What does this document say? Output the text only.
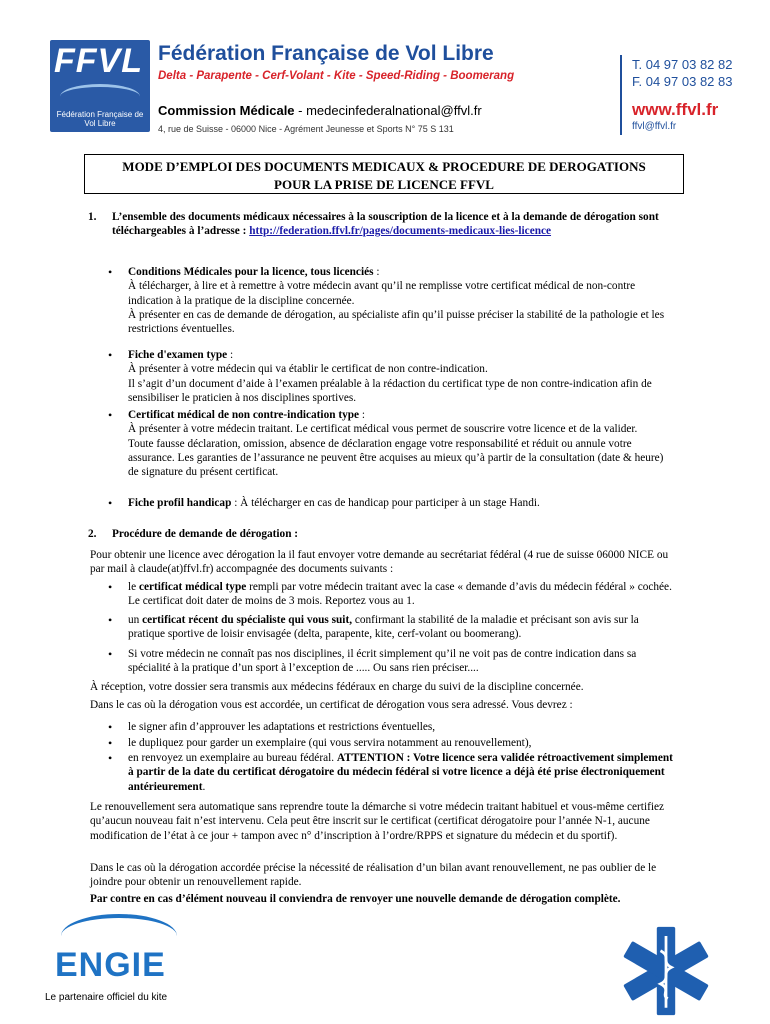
FFVL
Fédération Française de Vol Libre
Fédération Française de Vol Libre
Delta - Parapente - Cerf-Volant - Kite - Speed-Riding - Boomerang
Commission Médicale - medecinfederalnational@ffvl.fr
4, rue de Suisse - 06000 Nice - Agrément Jeunesse et Sports N° 75 S 131
T. 04 97 03 82 82
F. 04 97 03 82 83
www.ffvl.fr
ffvl@ffvl.fr
MODE D’EMPLOI DES DOCUMENTS MEDICAUX & PROCEDURE DE DEROGATIONS
POUR LA PRISE DE LICENCE FFVL
1. L’ensemble des documents médicaux nécessaires à la souscription de la licence et à la demande de dérogation sont téléchargeables à l’adresse : http://federation.ffvl.fr/pages/documents-medicaux-lies-licence
• Conditions Médicales pour la licence, tous licenciés :
À télécharger, à lire et à remettre à votre médecin avant qu’il ne remplisse votre certificat médical de non-contre indication à la pratique de la discipline concernée.
À présenter en cas de demande de dérogation, au spécialiste afin qu’il puisse préciser la stabilité de la pathologie et les restrictions éventuelles.
• Fiche d'examen type :
À présenter à votre médecin qui va établir le certificat de non contre-indication.
Il s’agit d’un document d’aide à l’examen préalable à la rédaction du certificat type de non contre-indication afin de sensibiliser le praticien à nos disciplines sportives.
• Certificat médical de non contre-indication type :
À présenter à votre médecin traitant. Le certificat médical vous permet de souscrire votre licence et de la valider.
Toute fausse déclaration, omission, absence de déclaration engage votre responsabilité et réduit ou annule votre assurance. Les garanties de l’assurance ne peuvent être acquises au mieux qu’à partir de la consultation (date & heure) de signature du présent certificat.
• Fiche profil handicap : À télécharger en cas de handicap pour participer à un stage Handi.
2. Procédure de demande de dérogation :
Pour obtenir une licence avec dérogation la il faut envoyer votre demande au secrétariat fédéral (4 rue de suisse 06000 NICE ou par mail à claude(at)ffvl.fr) accompagnée des documents suivants :
• le certificat médical type rempli par votre médecin traitant avec la case « demande d’avis du médecin fédéral » cochée. Le certificat doit dater de moins de 3 mois. Reportez vous au 1.
• un certificat récent du spécialiste qui vous suit, confirmant la stabilité de la maladie et précisant son avis sur la pratique sportive de loisir envisagée (delta, parapente, kite, cerf-volant ou boomerang).
• Si votre médecin ne connaît pas nos disciplines, il écrit simplement qu’il ne voit pas de contre indication dans sa spécialité à la pratique d’un sport à l’exception de ..... Ou sans rien préciser....
À réception, votre dossier sera transmis aux médecins fédéraux en charge du suivi de la discipline concernée.
Dans le cas où la dérogation vous est accordée, un certificat de dérogation vous sera adressé. Vous devrez :
• le signer afin d’approuver les adaptations et restrictions éventuelles,
• le dupliquez pour garder un exemplaire (qui vous servira notamment au renouvellement),
• en renvoyez un exemplaire au bureau fédéral. ATTENTION : Votre licence sera validée rétroactivement simplement à partir de la date du certificat dérogatoire du médecin fédéral si votre licence a déjà été prise électroniquement antérieurement.
Le renouvellement sera automatique sans reprendre toute la démarche si votre médecin traitant habituel et vous-même certifiez qu’aucun nouveau fait n’est intervenu. Cela peut être inscrit sur le certificat (certificat dérogatoire pour l’année N-1, aucune modification de l’état à ce jour + tampon avec n° d’inscription à l’ordre/RPPS et signature du médecin et du sportif).
Dans le cas où la dérogation accordée précise la nécessité de réalisation d’un bilan avant renouvellement, ne pas oublier de le joindre pour obtenir un renouvellement rapide.
Par contre en cas d’élément nouveau il conviendra de renvoyer une nouvelle demande de dérogation complète.
ENGIE
Le partenaire officiel du kite
